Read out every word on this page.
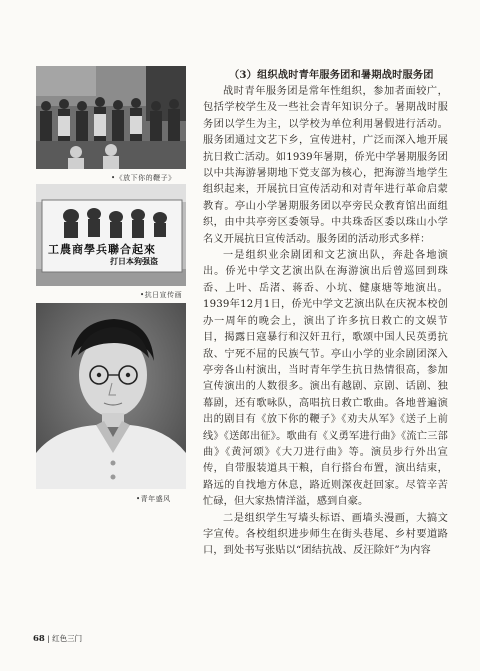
•《放下你的鞭子》
工農商學兵聯合起來
打日本狗强盗
•抗日宣传画
•青年盛风
（3）组织战时青年服务团和暑期战时服务团

战时青年服务团是常年性组织，参加者面较广，包括学校学生及一些社会青年知识分子。暑期战时服务团以学生为主，以学校为单位利用暑假进行活动。服务团通过文艺下乡，宣传进村，广泛而深入地开展抗日救亡活动。如1939年暑期，侨光中学暑期服务团以中共海游暑期地下党支部为核心，把海游当地学生组织起来，开展抗日宣传活动和对青年进行革命启蒙教育。亭山小学暑期服务团以亭旁民众教育馆出面组织，由中共亭旁区委领导。中共珠岙区委以珠山小学名义开展抗日宣传活动。服务团的活动形式多样：

一是组织业余剧团和文艺演出队，奔赴各地演出。侨光中学文艺演出队在海游演出后曾巡回到珠岙、上叶、岳渚、蒋岙、小坑、健康塘等地演出。1939年12月1日，侨光中学文艺演出队在庆祝本校创办一周年的晚会上，演出了许多抗日救亡的文娱节目，揭露日寇暴行和汉奸丑行，歌颂中国人民英勇抗敌、宁死不屈的民族气节。亭山小学的业余剧团深入亭旁各山村演出，当时青年学生抗日热情很高，参加宣传演出的人数很多。演出有越剧、京剧、话剧、独幕剧，还有歌咏队，高唱抗日救亡歌曲。各地普遍演出的剧目有《放下你的鞭子》《劝夫从军》《送子上前线》《送郎出征》。歌曲有《义勇军进行曲》《流亡三部曲》《黄河颂》《大刀进行曲》等。演员步行外出宣传，自带服装道具干粮，自行搭台布置，演出结束，路远的自找地方休息，路近则深夜赶回家。尽管辛苦忙碌，但大家热情洋溢，感到自豪。

二是组织学生写墙头标语、画墙头漫画，大搞文字宣传。各校组织进步师生在街头巷尾、乡村要道路口，到处书写张贴以“团结抗战、反汪除奸”为内容

68 | 红色三门
